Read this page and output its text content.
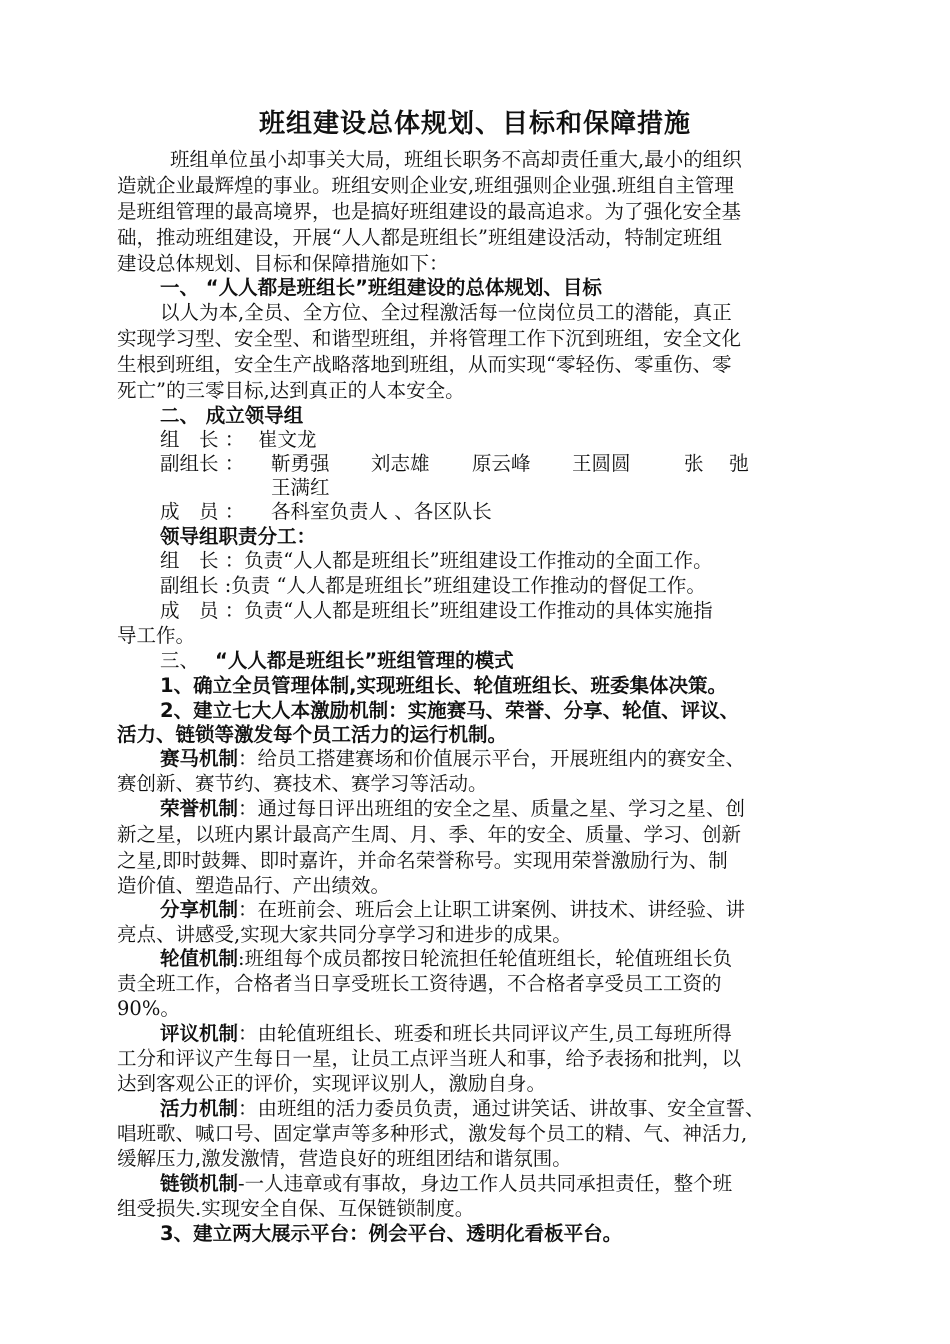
班组建设总体规划、目标和保障措施
班组单位虽小却事关大局，班组长职务不高却责任重大,最小的组织
造就企业最辉煌的事业。班组安则企业安,班组强则企业强.班组自主管理
是班组管理的最高境界，也是搞好班组建设的最高追求。为了强化安全基
础，推动班组建设，开展“人人都是班组长”班组建设活动，特制定班组
建设总体规划、目标和保障措施如下：
一、 “人人都是班组长”班组建设的总体规划、目标
以人为本,全员、全方位、全过程激活每一位岗位员工的潜能，真正
实现学习型、安全型、和谐型班组，并将管理工作下沉到班组，安全文化
生根到班组，安全生产战略落地到班组，从而实现“零轻伤、零重伤、零
死亡”的三零目标,达到真正的人本安全。
二、 成立领导组
组　长 ： 崔文龙
副组长 ： 靳勇强 刘志雄 原云峰 王圆圆	张　 弛
王满红
成　员 ： 各科室负责人 、各区队长
领导组职责分工：
组　长 ：负责“人人都是班组长”班组建设工作推动的全面工作。
副组长 :负责 “人人都是班组长”班组建设工作推动的督促工作。
成　员 ：负责“人人都是班组长”班组建设工作推动的具体实施指
导工作。
三、 “人人都是班组长”班组管理的模式
1、确立全员管理体制,实现班组长、轮值班组长、班委集体决策。
2、建立七大人本激励机制：实施赛马、荣誉、分享、轮值、评议、
活力、链锁等激发每个员工活力的运行机制。
赛马机制：给员工搭建赛场和价值展示平台，开展班组内的赛安全、
赛创新、赛节约、赛技术、赛学习等活动。
荣誉机制：通过每日评出班组的安全之星、质量之星、学习之星、创
新之星，以班内累计最高产生周、月、季、年的安全、质量、学习、创新
之星,即时鼓舞、即时嘉许，并命名荣誉称号。实现用荣誉激励行为、制
造价值、塑造品行、产出绩效。
分享机制：在班前会、班后会上让职工讲案例、讲技术、讲经验、讲
亮点、讲感受,实现大家共同分享学习和进步的成果。
轮值机制:班组每个成员都按日轮流担任轮值班组长，轮值班组长负
责全班工作，合格者当日享受班长工资待遇，不合格者享受员工工资的
90%。
评议机制：由轮值班组长、班委和班长共同评议产生,员工每班所得
工分和评议产生每日一星，让员工点评当班人和事，给予表扬和批判，以
达到客观公正的评价，实现评议别人，激励自身。
活力机制：由班组的活力委员负责，通过讲笑话、讲故事、安全宣誓、
唱班歌、喊口号、固定掌声等多种形式，激发每个员工的精、气、神活力,
缓解压力,激发激情，营造良好的班组团结和谐氛围。
链锁机制-一人违章或有事故，身边工作人员共同承担责任，整个班
组受损失.实现安全自保、互保链锁制度。
3、建立两大展示平台：例会平台、透明化看板平台。
